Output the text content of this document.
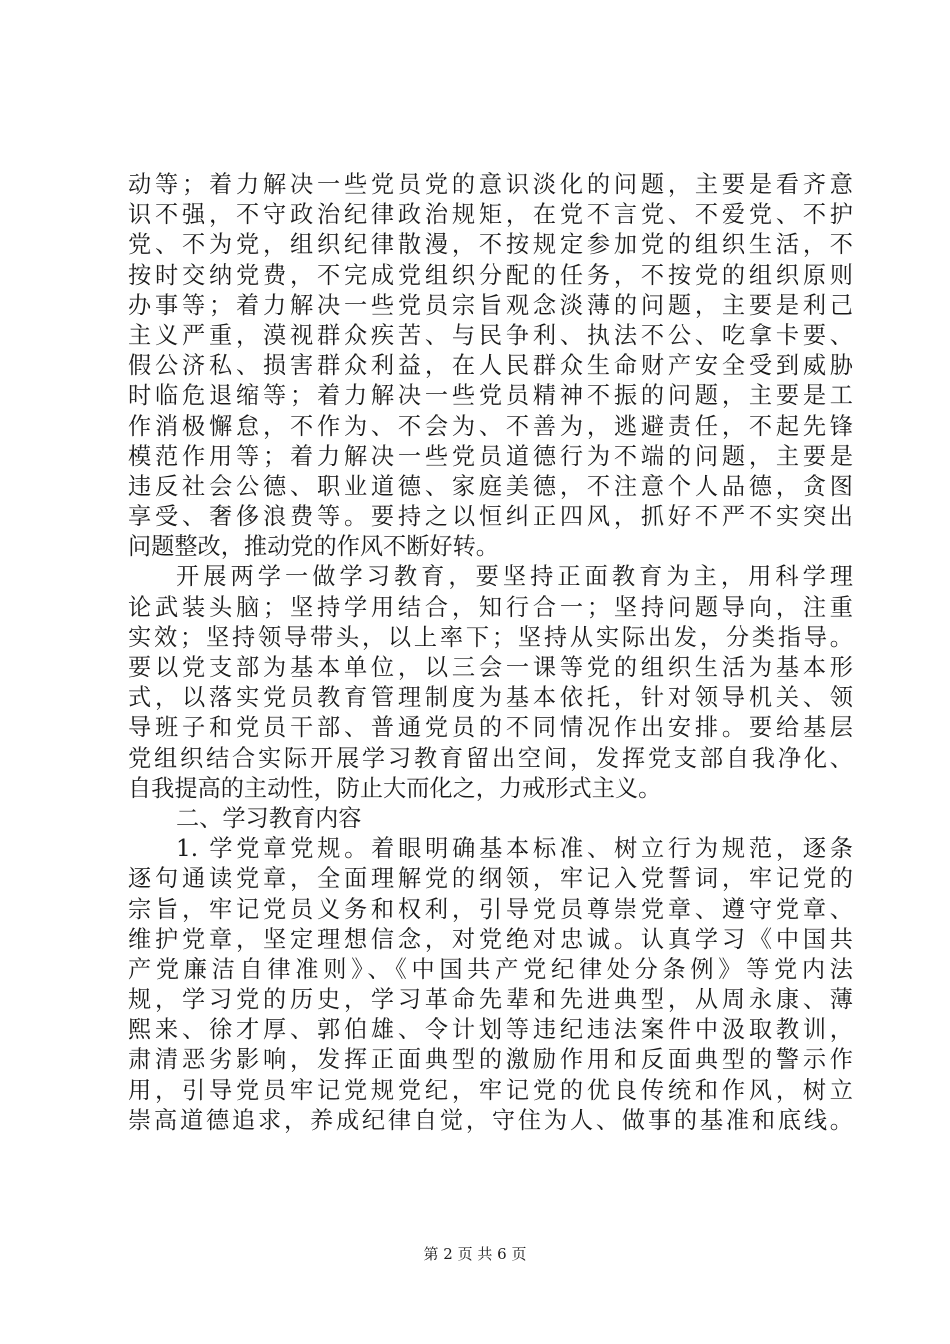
动等；着力解决一些党员党的意识淡化的问题，主要是看齐意
识不强，不守政治纪律政治规矩，在党不言党、不爱党、不护
党、不为党，组织纪律散漫，不按规定参加党的组织生活，不
按时交纳党费，不完成党组织分配的任务，不按党的组织原则
办事等；着力解决一些党员宗旨观念淡薄的问题，主要是利己
主义严重，漠视群众疾苦、与民争利、执法不公、吃拿卡要、
假公济私、损害群众利益，在人民群众生命财产安全受到威胁
时临危退缩等；着力解决一些党员精神不振的问题，主要是工
作消极懈怠，不作为、不会为、不善为，逃避责任，不起先锋
模范作用等；着力解决一些党员道德行为不端的问题，主要是
违反社会公德、职业道德、家庭美德，不注意个人品德，贪图
享受、奢侈浪费等。要持之以恒纠正四风，抓好不严不实突出
问题整改，推动党的作风不断好转。
开展两学一做学习教育，要坚持正面教育为主，用科学理
论武装头脑；坚持学用结合，知行合一；坚持问题导向，注重
实效；坚持领导带头，以上率下；坚持从实际出发，分类指导。
要以党支部为基本单位，以三会一课等党的组织生活为基本形
式，以落实党员教育管理制度为基本依托，针对领导机关、领
导班子和党员干部、普通党员的不同情况作出安排。要给基层
党组织结合实际开展学习教育留出空间，发挥党支部自我净化、
自我提高的主动性，防止大而化之，力戒形式主义。
二、学习教育内容
1. 学党章党规。着眼明确基本标准、树立行为规范，逐条
逐句通读党章，全面理解党的纲领，牢记入党誓词，牢记党的
宗旨，牢记党员义务和权利，引导党员尊崇党章、遵守党章、
维护党章，坚定理想信念，对党绝对忠诚。认真学习《中国共
产党廉洁自律准则》、《中国共产党纪律处分条例》等党内法
规，学习党的历史，学习革命先辈和先进典型，从周永康、薄
熙来、徐才厚、郭伯雄、令计划等违纪违法案件中汲取教训，
肃清恶劣影响，发挥正面典型的激励作用和反面典型的警示作
用，引导党员牢记党规党纪，牢记党的优良传统和作风，树立
崇高道德追求，养成纪律自觉，守住为人、做事的基准和底线。
第 2 页 共 6 页
